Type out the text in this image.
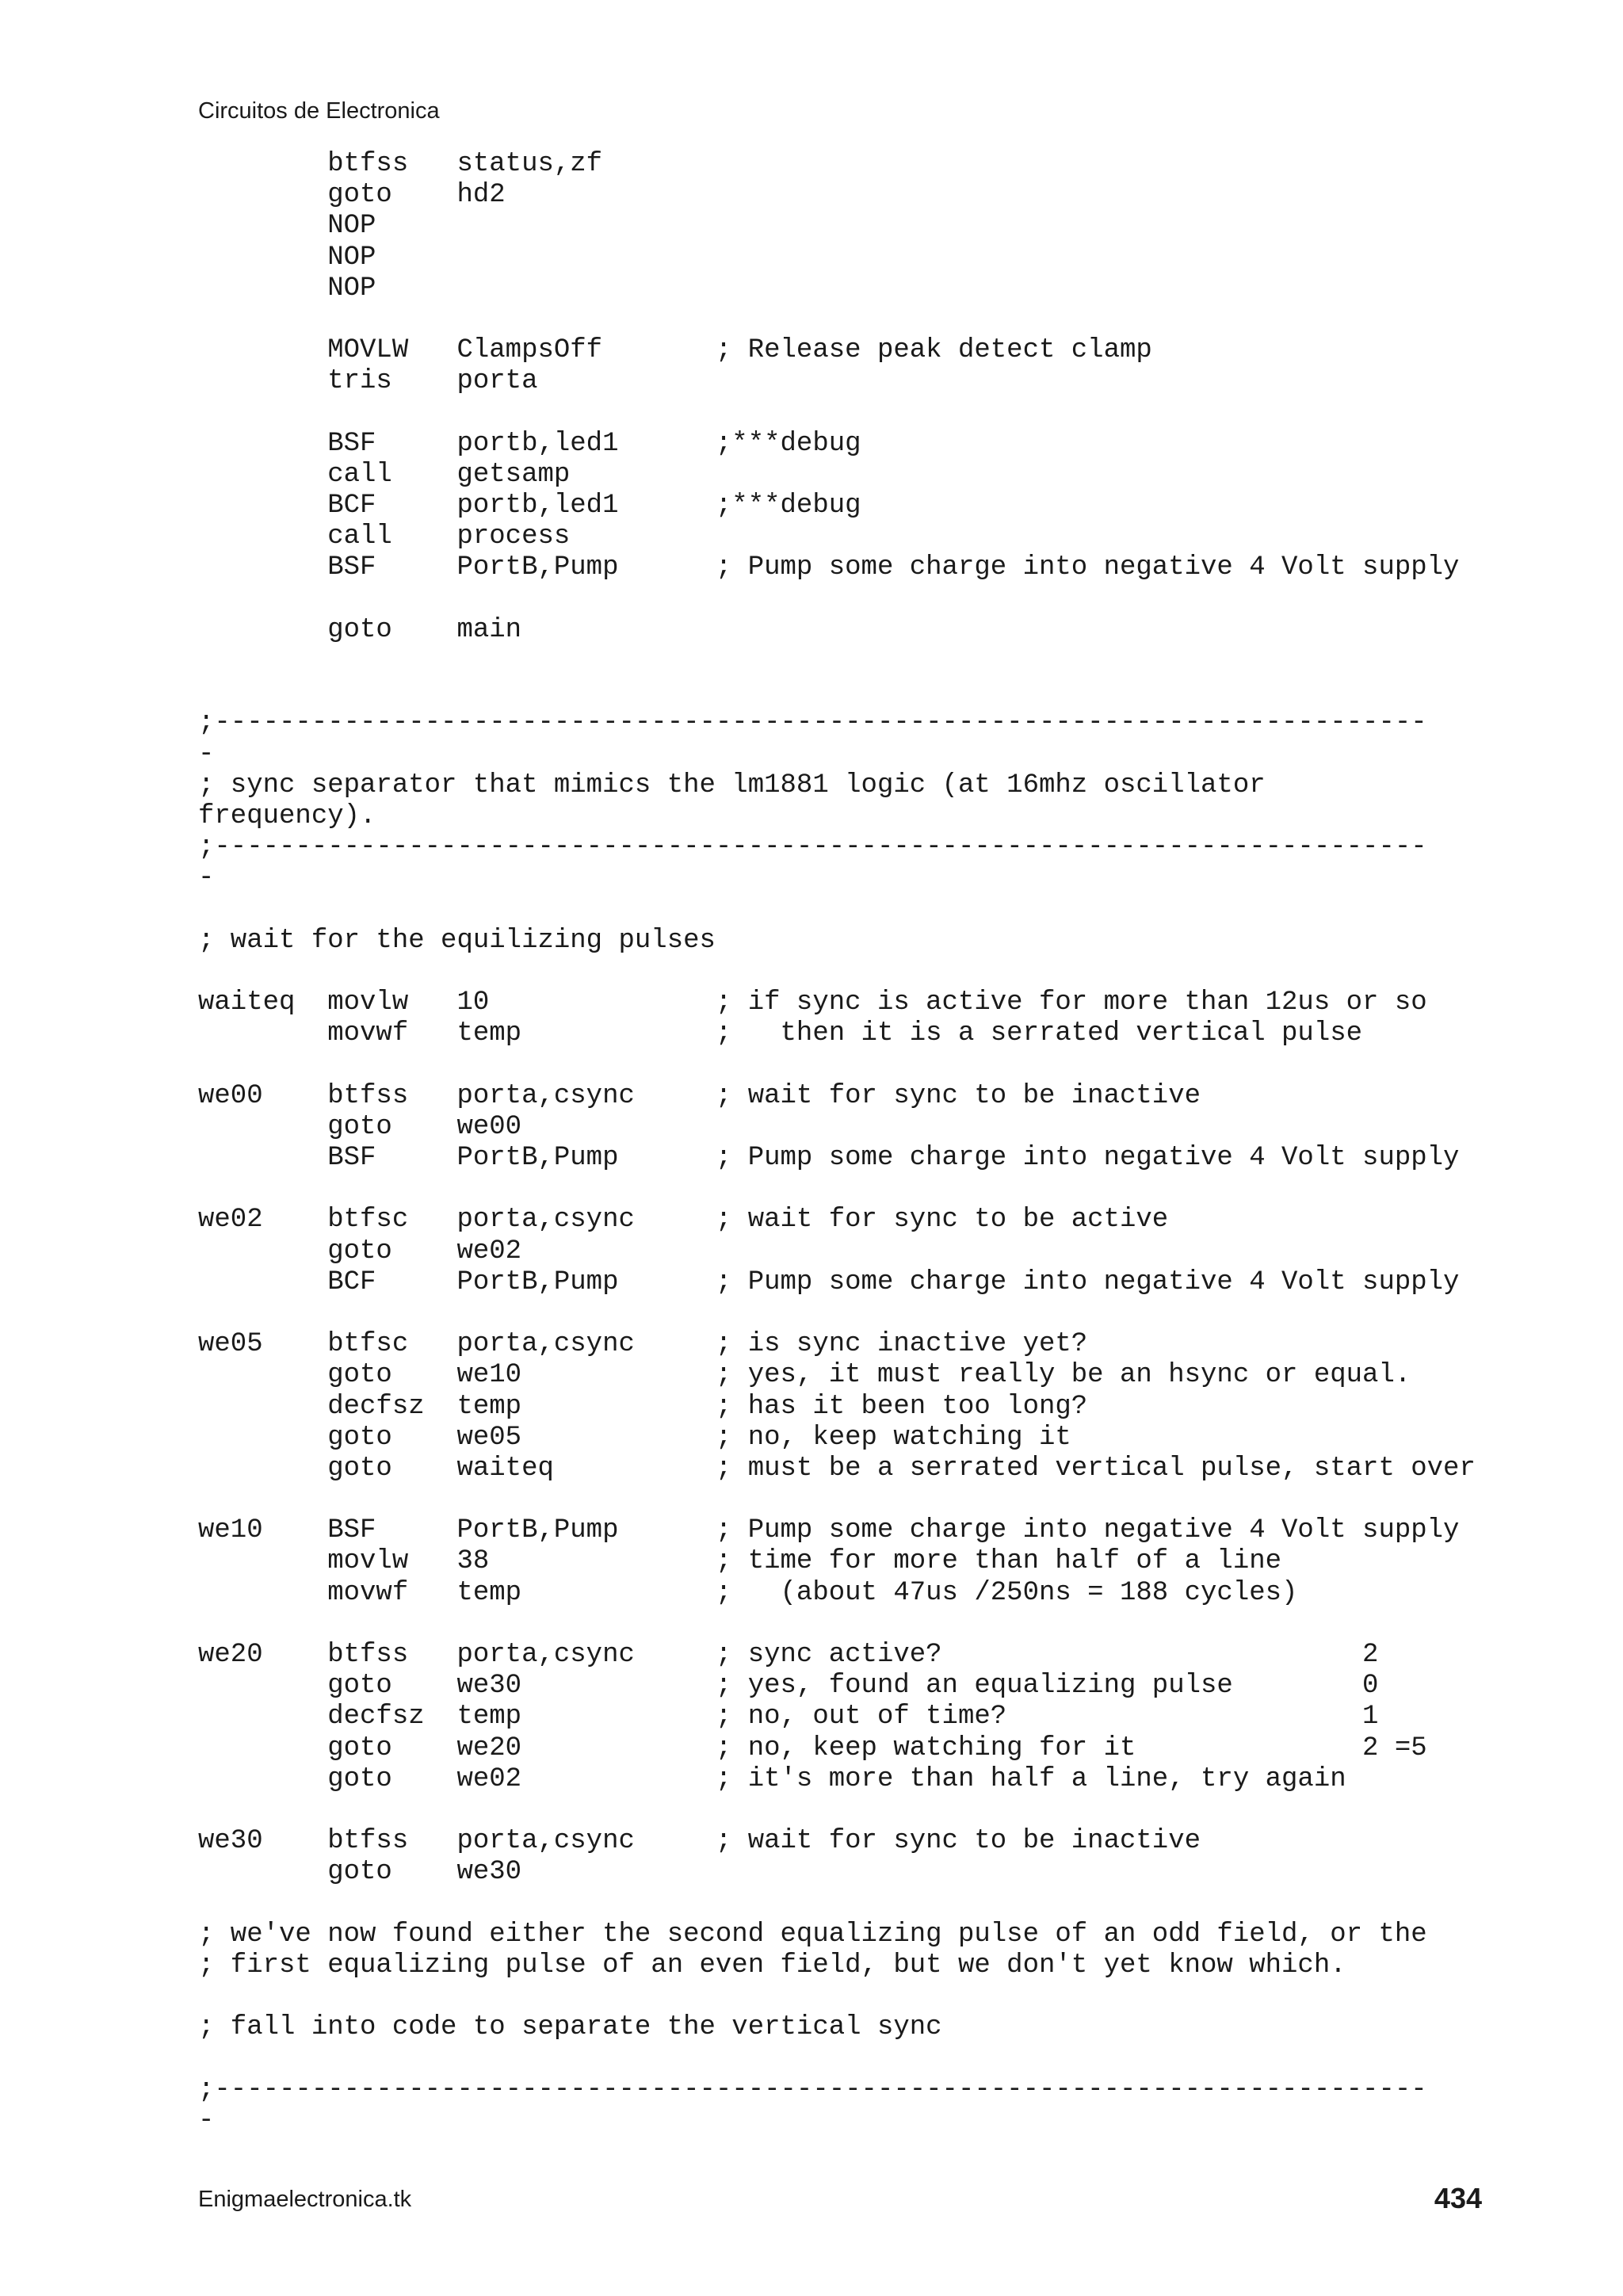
Circuitos de Electronica
btfss   status,zf
goto    hd2
NOP
NOP
NOP
MOVLW   ClampsOff       ; Release peak detect clamp
tris    porta
BSF     portb,led1      ;***debug
call    getsamp
BCF     portb,led1      ;***debug
call    process
BSF     PortB,Pump      ; Pump some charge into negative 4 Volt supply
goto    main
;---------------------------------------------------------------------------
-
; sync separator that mimics the lm1881 logic (at 16mhz oscillator
frequency).
;---------------------------------------------------------------------------
-
; wait for the equilizing pulses
waiteq  movlw   10              ; if sync is active for more than 12us or so
movwf   temp            ;   then it is a serrated vertical pulse
we00    btfss   porta,csync     ; wait for sync to be inactive
goto    we00
BSF     PortB,Pump      ; Pump some charge into negative 4 Volt supply
we02    btfsc   porta,csync     ; wait for sync to be active
goto    we02
BCF     PortB,Pump      ; Pump some charge into negative 4 Volt supply
we05    btfsc   porta,csync     ; is sync inactive yet?
goto    we10            ; yes, it must really be an hsync or equal.
decfsz  temp            ; has it been too long?
goto    we05            ; no, keep watching it
goto    waiteq          ; must be a serrated vertical pulse, start over
we10    BSF     PortB,Pump      ; Pump some charge into negative 4 Volt supply
movlw   38              ; time for more than half of a line
movwf   temp            ;   (about 47us /250ns = 188 cycles)
we20    btfss   porta,csync     ; sync active?                          2
goto    we30            ; yes, found an equalizing pulse        0
decfsz  temp            ; no, out of time?                      1
goto    we20            ; no, keep watching for it              2 =5
goto    we02            ; it's more than half a line, try again
we30    btfss   porta,csync     ; wait for sync to be inactive
goto    we30
; we've now found either the second equalizing pulse of an odd field, or the
; first equalizing pulse of an even field, but we don't yet know which.
; fall into code to separate the vertical sync
;---------------------------------------------------------------------------
-
Enigmaelectronica.tk	434
